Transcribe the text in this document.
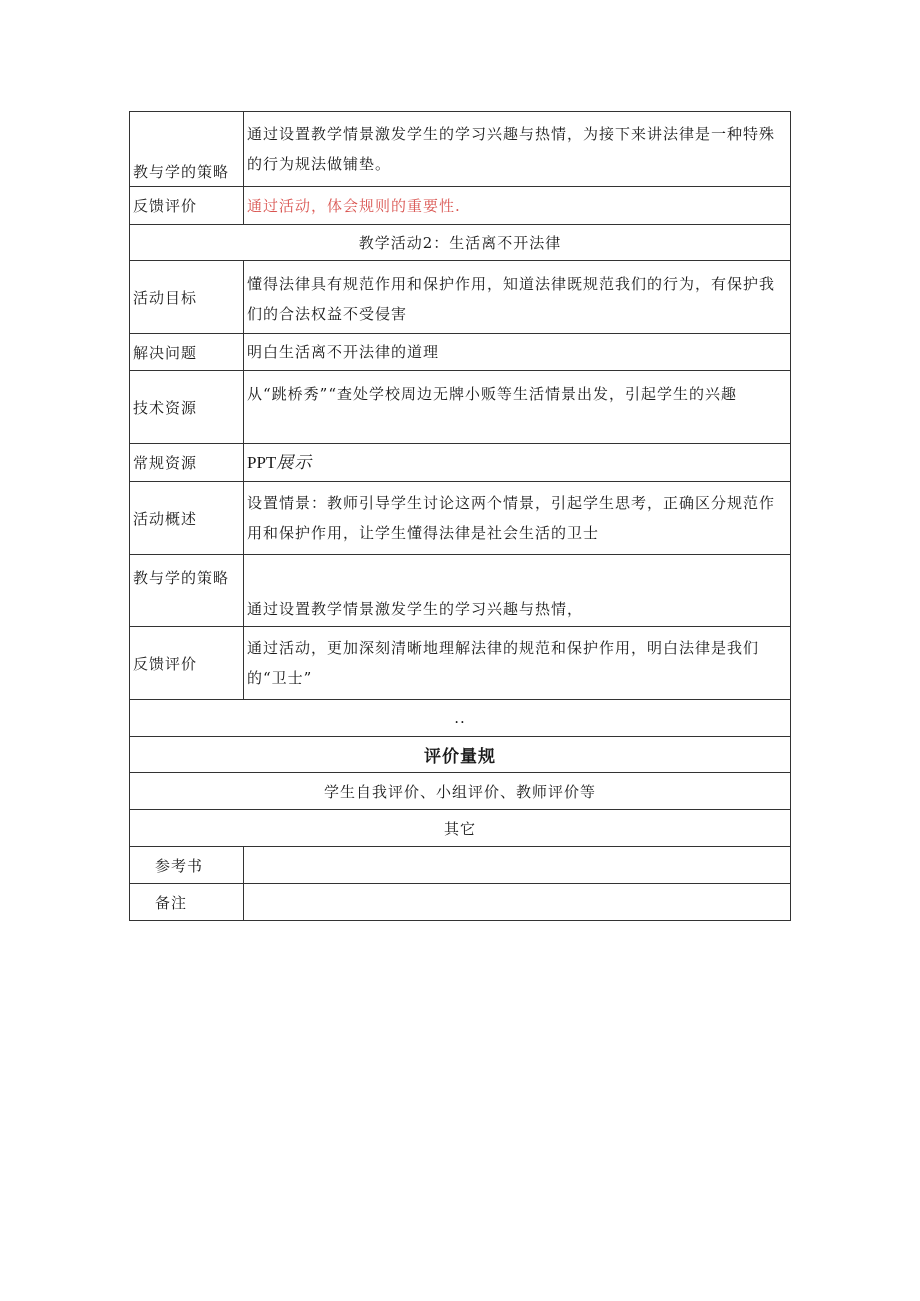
教与学的策略	通过设置教学情景激发学生的学习兴趣与热情，为接下来讲法律是一种特殊的行为规法做铺垫。
反馈评价	通过活动，体会规则的重要性.
教学活动2：生活离不开法律	
活动目标	懂得法律具有规范作用和保护作用，知道法律既规范我们的行为，有保护我们的合法权益不受侵害
解决问题	明白生活离不开法律的道理
技术资源	从“跳桥秀”“查处学校周边无牌小贩等生活情景出发，引起学生的兴趣
常规资源	PPT展示
活动概述	设置情景：教师引导学生讨论这两个情景，引起学生思考，正确区分规范作用和保护作用，让学生懂得法律是社会生活的卫士
教与学的策略	通过设置教学情景激发学生的学习兴趣与热情，
反馈评价	通过活动，更加深刻清晰地理解法律的规范和保护作用，明白法律是我们的“卫士”
..	
评价量规	
学生自我评价、小组评价、教师评价等	
其它	
参考书	
备注	
